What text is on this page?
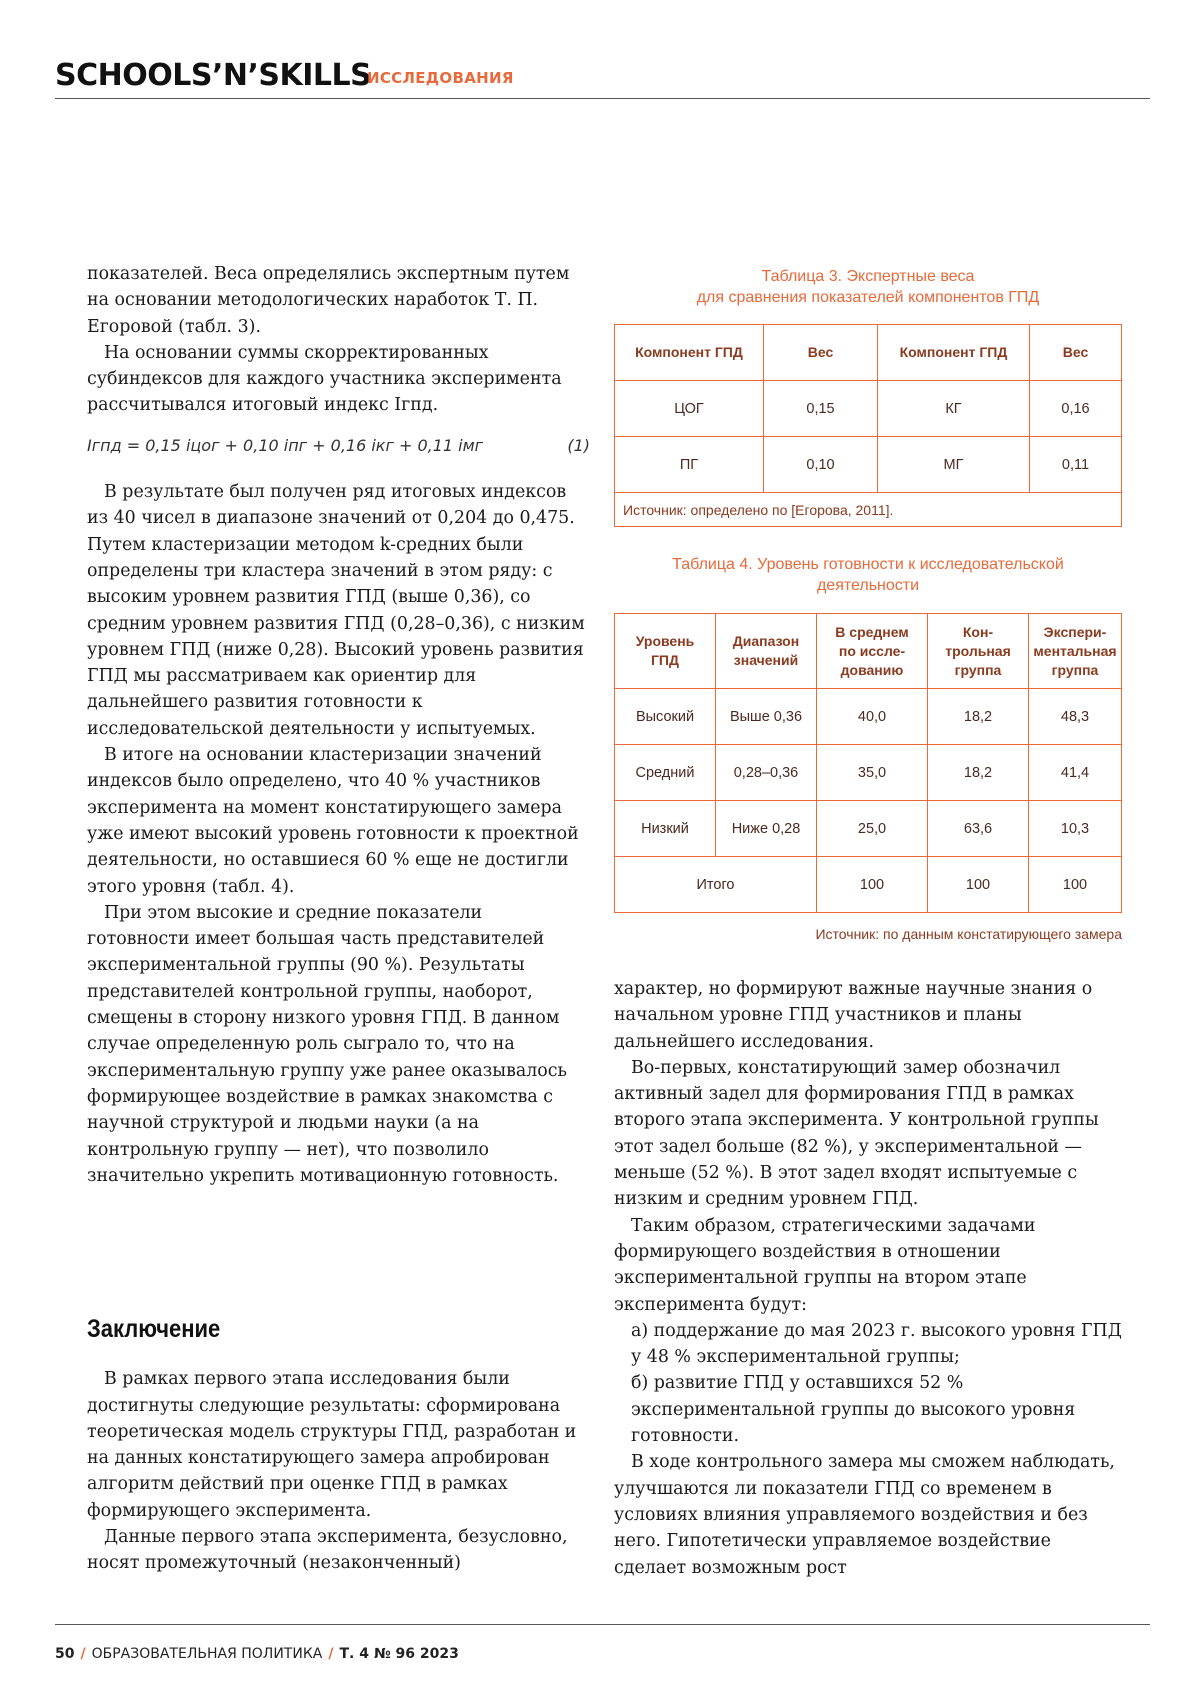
SCHOOLS’N’SKILLS
ИССЛЕДОВАНИЯ

показателей. Веса определялись экспертным путем на основании методологических наработок Т. П. Егоровой (табл. 3).

На основании суммы скорректированных субиндексов для каждого участника эксперимента рассчитывался итоговый индекс Iгпд.

Iгпд = 0,15 iцог + 0,10 iпг + 0,16 iкг + 0,11 iмг	(1)

В результате был получен ряд итоговых индексов из 40 чисел в диапазоне значений от 0,204 до 0,475. Путем кластеризации методом k-средних были определены три кластера значений в этом ряду: с высоким уровнем развития ГПД (выше 0,36), со средним уровнем развития ГПД (0,28–0,36), с низким уровнем ГПД (ниже 0,28). Высокий уровень развития ГПД мы рассматриваем как ориентир для дальнейшего развития готовности к исследовательской деятельности у испытуемых.

В итоге на основании кластеризации значений индексов было определено, что 40 % участников эксперимента на момент констатирующего замера уже имеют высокий уровень готовности к проектной деятельности, но оставшиеся 60 % еще не достигли этого уровня (табл. 4).

При этом высокие и средние показатели готовности имеет большая часть представителей экспериментальной группы (90 %). Результаты представителей контрольной группы, наоборот, смещены в сторону низкого уровня ГПД. В данном случае определенную роль сыграло то, что на экспериментальную группу уже ранее оказывалось формирующее воздействие в рамках знакомства с научной структурой и людьми науки (а на контрольную группу — нет), что позволило значительно укрепить мотивационную готовность.

Заключение

В рамках первого этапа исследования были достигнуты следующие результаты: сформирована теоретическая модель структуры ГПД, разработан и на данных констатирующего замера апробирован алгоритм действий при оценке ГПД в рамках формирующего эксперимента.

Данные первого этапа эксперимента, безусловно, носят промежуточный (незаконченный)

Таблица 3. Экспертные веса
для сравнения показателей компонентов ГПД
Компонент ГПД	Вес	Компонент ГПД	Вес
ЦОГ	0,15	КГ	0,16
ПГ	0,10	МГ	0,11
Источник: определено по [Егорова, 2011].
Таблица 4. Уровень готовности к исследовательской
деятельности
Уровень
ГПД	Диапазон
значений	В среднем
по иссле-
дованию	Кон-
трольная
группа	Экспери-
ментальная
группа
Высокий	Выше 0,36	40,0	18,2	48,3
Средний	0,28–0,36	35,0	18,2	41,4
Низкий	Ниже 0,28	25,0	63,6	10,3
Итого	100	100	100
Источник: по данным констатирующего замера

характер, но формируют важные научные знания о начальном уровне ГПД участников и планы дальнейшего исследования.

Во-первых, констатирующий замер обозначил активный задел для формирования ГПД в рамках второго этапа эксперимента. У контрольной группы этот задел больше (82 %), у экспериментальной — меньше (52 %). В этот задел входят испытуемые с низким и средним уровнем ГПД.

Таким образом, стратегическими задачами формирующего воздействия в отношении экспериментальной группы на втором этапе эксперимента будут:

а) поддержание до мая 2023 г. высокого уровня ГПД у 48 % экспериментальной группы;

б) развитие ГПД у оставшихся 52 % экспериментальной группы до высокого уровня готовности.

В ходе контрольного замера мы сможем наблюдать, улучшаются ли показатели ГПД со временем в условиях влияния управляемого воздействия и без него. Гипотетически управляемое воздействие сделает возможным рост

50 / ОБРАЗОВАТЕЛЬНАЯ ПОЛИТИКА / Т. 4 № 96 2023
